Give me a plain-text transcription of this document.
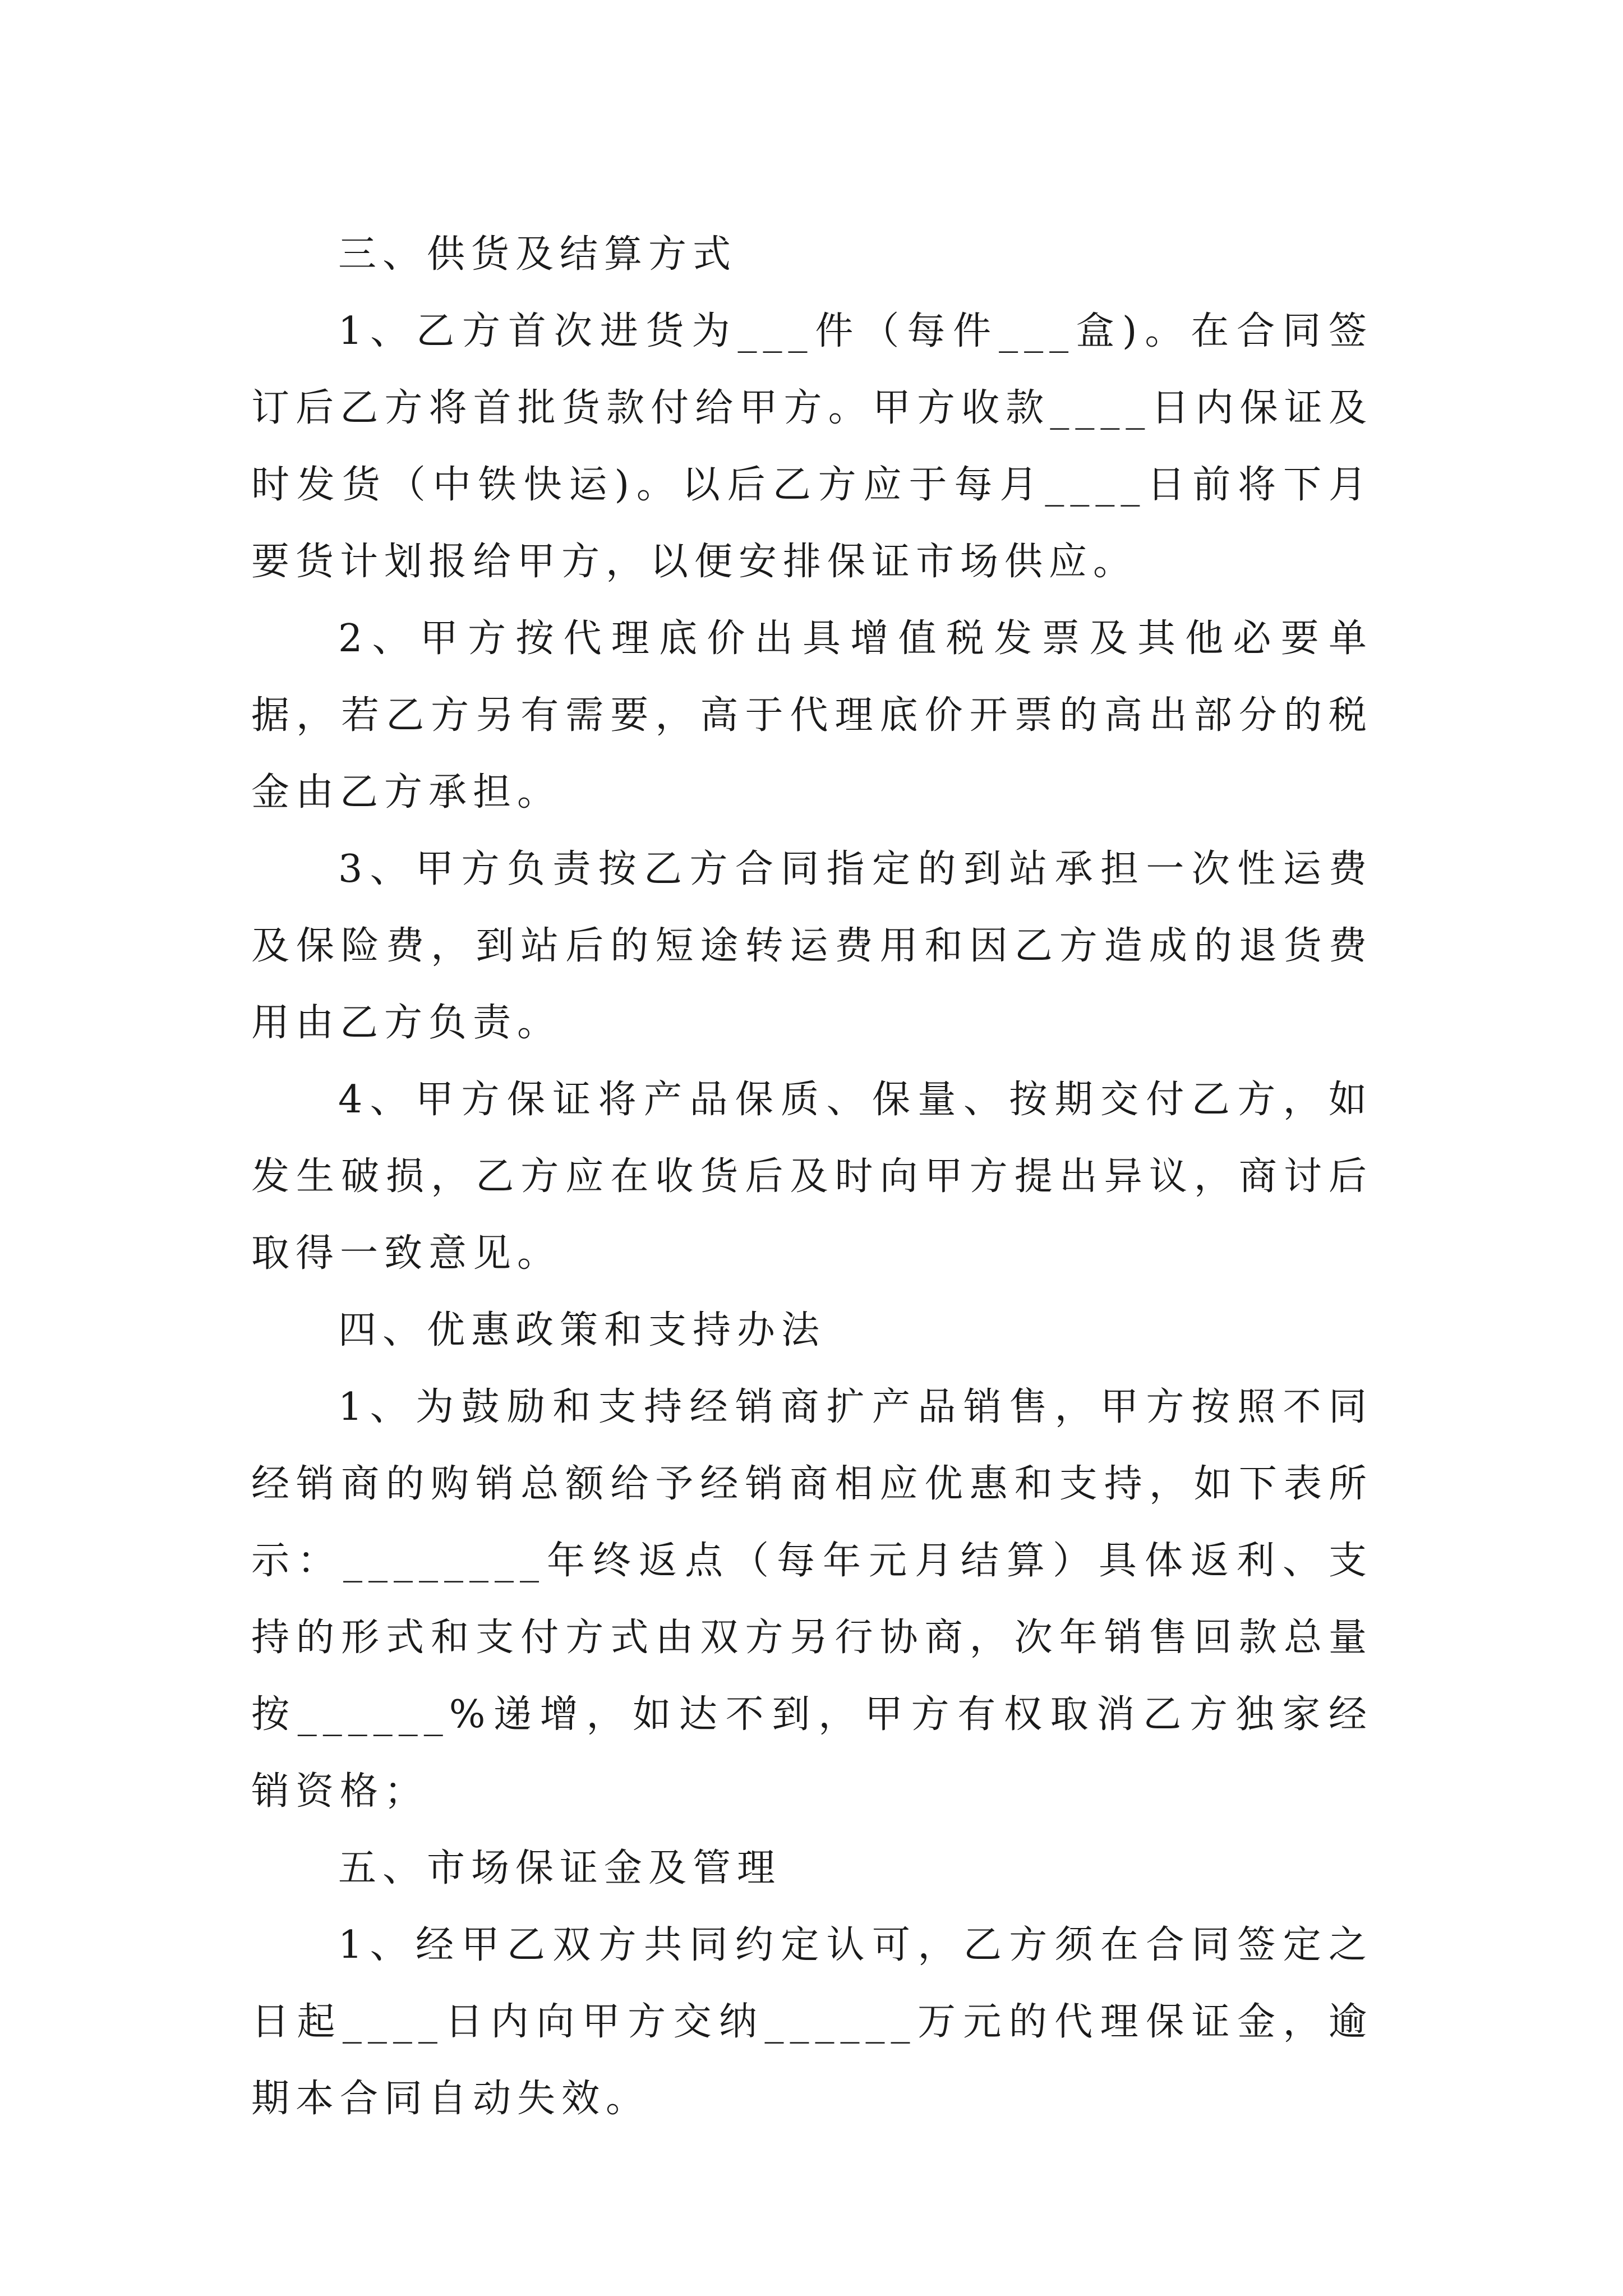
三、供货及结算方式

1、乙方首次进货为___件（每件___盒)。在合同签订后乙方将首批货款付给甲方。甲方收款____日内保证及时发货（中铁快运)。以后乙方应于每月____日前将下月要货计划报给甲方，以便安排保证市场供应。

2、甲方按代理底价出具增值税发票及其他必要单据，若乙方另有需要，高于代理底价开票的高出部分的税金由乙方承担。

3、甲方负责按乙方合同指定的到站承担一次性运费及保险费，到站后的短途转运费用和因乙方造成的退货费用由乙方负责。

4、甲方保证将产品保质、保量、按期交付乙方，如发生破损，乙方应在收货后及时向甲方提出异议，商讨后取得一致意见。

四、优惠政策和支持办法

1、为鼓励和支持经销商扩产品销售，甲方按照不同经销商的购销总额给予经销商相应优惠和支持，如下表所示：________年终返点（每年元月结算）具体返利、支持的形式和支付方式由双方另行协商，次年销售回款总量按______%递增，如达不到，甲方有权取消乙方独家经销资格；

五、市场保证金及管理

1、经甲乙双方共同约定认可，乙方须在合同签定之日起____日内向甲方交纳______万元的代理保证金，逾期本合同自动失效。
